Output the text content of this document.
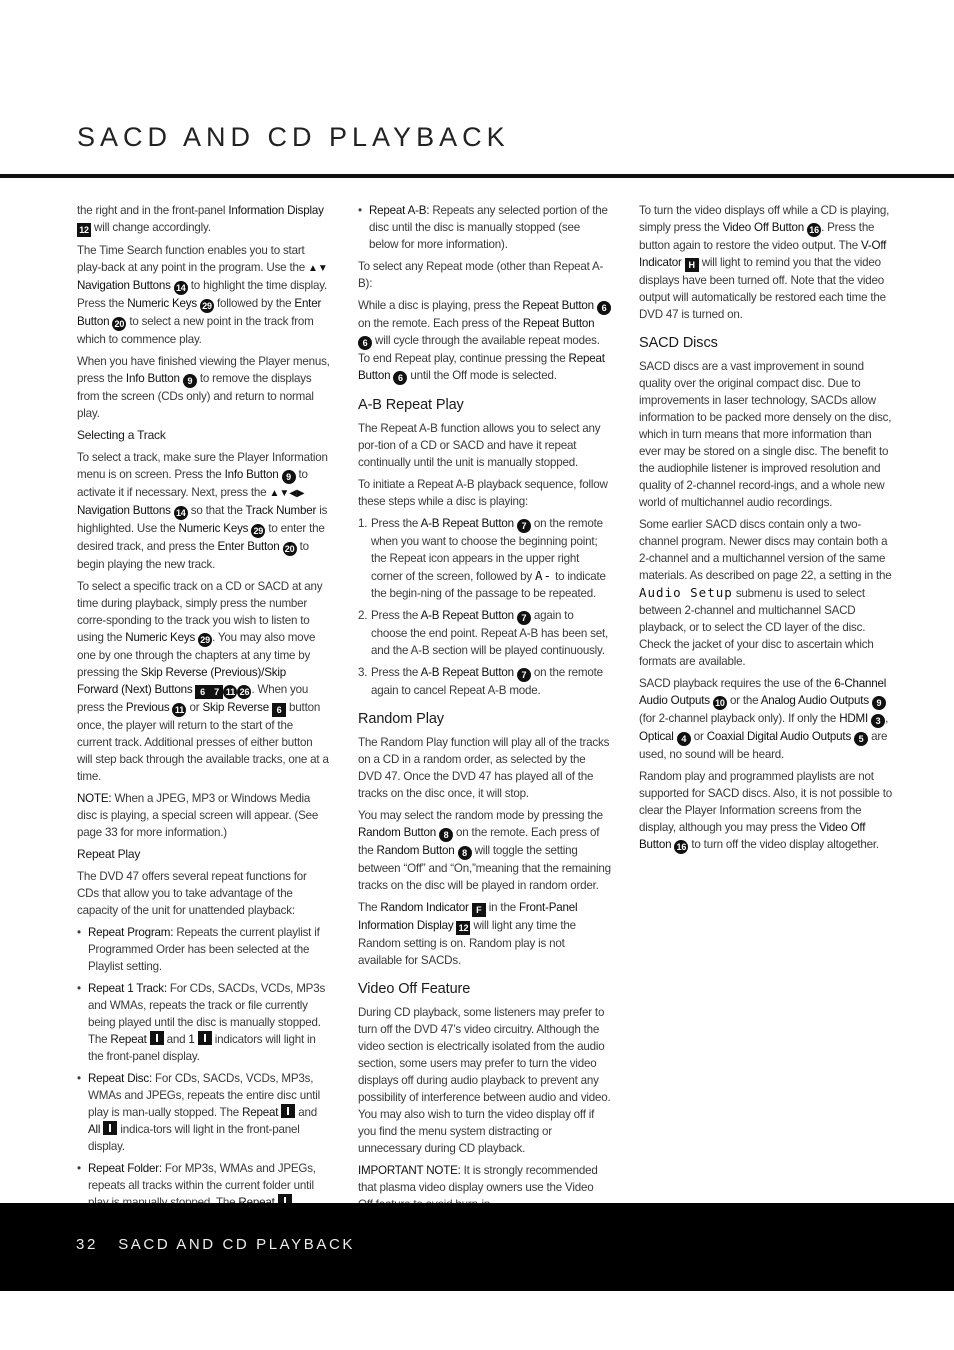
SACD AND CD PLAYBACK

the right and in the front-panel Information Display 12 will change accordingly.

The Time Search function enables you to start play-back at any point in the program. Use the ▲▼ Navigation Buttons 14 to highlight the time display. Press the Numeric Keys 29 followed by the Enter Button 20 to select a new point in the track from which to commence play.

When you have finished viewing the Player menus, press the Info Button 9 to remove the displays from the screen (CDs only) and return to normal play.

Selecting a Track

To select a track, make sure the Player Information menu is on screen. Press the Info Button 9 to activate it if necessary. Next, press the ▲▼◀▶ Navigation Buttons 14 so that the Track Number is highlighted. Use the Numeric Keys 29 to enter the desired track, and press the Enter Button 20 to begin playing the new track.

To select a specific track on a CD or SACD at any time during playback, simply press the number corre-sponding to the track you wish to listen to using the Numeric Keys 29 . You may also move one by one through the chapters at any time by pressing the Skip Reverse (Previous)/Skip Forward (Next) Buttons 6 7 11 26 . When you press the Previous 11 or Skip Reverse 6 button once, the player will return to the start of the current track. Additional presses of either button will step back through the available tracks, one at a time.

NOTE: When a JPEG, MP3 or Windows Media disc is playing, a special screen will appear. (See page 33 for more information.)

Repeat Play

The DVD 47 offers several repeat functions for CDs that allow you to take advantage of the capacity of the unit for unattended playback:

• Repeat Program: Repeats the current playlist if Programmed Order has been selected at the Playlist setting.
• Repeat 1 Track: For CDs, SACDs, VCDs, MP3s and WMAs, repeats the track or file currently being played until the disc is manually stopped. The Repeat  and 1  indicators will light in the front-panel display.
• Repeat Disc: For CDs, SACDs, VCDs, MP3s, WMAs and JPEGs, repeats the entire disc until play is man-ually stopped. The Repeat  and All  indica-tors will light in the front-panel display.
• Repeat Folder: For MP3s, WMAs and JPEGs, repeats all tracks within the current folder until
• Repeat A-B: Repeats any selected portion of the disc until the disc is manually stopped (see below for more information).

To select any Repeat mode (other than Repeat A-B):

While a disc is playing, press the Repeat Button 6 on the remote. Each press of the Repeat Button 6 will cycle through the available repeat modes. To end Repeat play, continue pressing the Repeat Button 6 until the Off mode is selected.

A-B Repeat Play

The Repeat A-B function allows you to select any por-tion of a CD or SACD and have it repeat continually until the unit is manually stopped.

To initiate a Repeat A-B playback sequence, follow these steps while a disc is playing:

1. Press the A-B Repeat Button 7 on the remote when you want to choose the beginning point; the Repeat icon appears in the upper right corner of the screen, followed by A- to indicate the begin-ning of the passage to be repeated.
2. Press the A-B Repeat Button 7 again to choose the end point. Repeat A-B has been set, and the A-B section will be played continuously.
3. Press the A-B Repeat Button 7 on the remote again to cancel Repeat A-B mode.
Random Play

The Random Play function will play all of the tracks on a CD in a random order, as selected by the DVD 47. Once the DVD 47 has played all of the tracks on the disc once, it will stop.

You may select the random mode by pressing the Random Button 8 on the remote. Each press of the Random Button 8 will toggle the setting between “Off” and “On,”meaning that the remaining tracks on the disc will be played in random order.

The Random Indicator F in the Front-Panel Information Display 12 will light any time the Random setting is on. Random play is not available for SACDs.

Video Off Feature

During CD playback, some listeners may prefer to turn off the DVD 47’s video circuitry. Although the video section is electrically isolated from the audio section, some users may prefer to turn the video displays off during audio playback to prevent any possibility of interference between audio and video. You may also wish to turn the video display off if you find the menu system distracting or unnecessary during CD playback.

IMPORTANT NOTE: It is strongly recommended that plasma video display owners use the Video

To turn the video displays off while a CD is playing, simply press the Video Off Button 16 . Press the button again to restore the video output. The V-Off Indicator H will light to remind you that the video displays have been turned off. Note that the video output will automatically be restored each time the DVD 47 is turned on.

SACD Discs

SACD discs are a vast improvement in sound quality over the original compact disc. Due to improvements in laser technology, SACDs allow information to be packed more densely on the disc, which in turn means that more information than ever may be stored on a single disc. The benefit to the audiophile listener is improved resolution and quality of 2-channel record-ings, and a whole new world of multichannel audio recordings.

Some earlier SACD discs contain only a two-channel program. Newer discs may contain both a 2-channel and a multichannel version of the same materials. As described on page 22, a setting in the Audio Setup submenu is used to select between 2-channel and multichannel SACD playback, or to select the CD layer of the disc. Check the jacket of your disc to ascertain which formats are available.

SACD playback requires the use of the 6-Channel Audio Outputs 10 or the Analog Audio Outputs 9 (for 2-channel playback only). If only the HDMI 3 , Optical 4 or Coaxial Digital Audio Outputs 5 are used, no sound will be heard.

Random play and programmed playlists are not supported for SACD discs. Also, it is not possible to clear the Player Information screens from the display, although you may press the Video Off Button 16 to turn off the video display altogether.

32 SACD AND CD PLAYBACK
